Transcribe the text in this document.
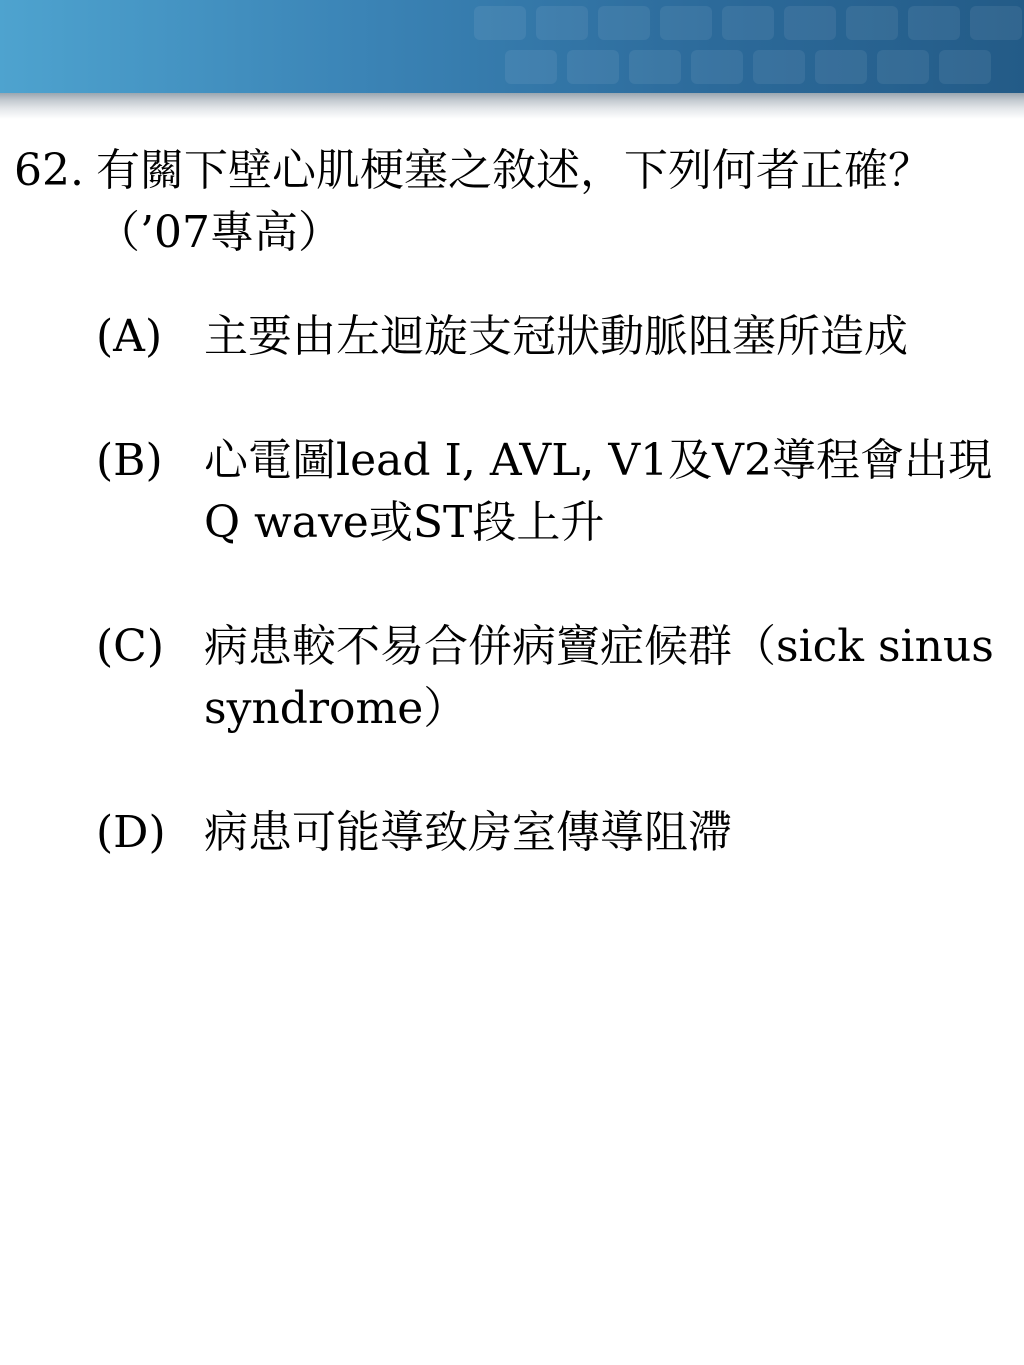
62. 有關下壁心肌梗塞之敘述，下列何者正確？（’07專高）
(A) 主要由左迴旋支冠狀動脈阻塞所造成
(B) 心電圖lead I, AVL, V1及V2導程會出現Q wave或ST段上升
(C) 病患較不易合併病竇症候群（sick sinus syndrome）
(D) 病患可能導致房室傳導阻滯
